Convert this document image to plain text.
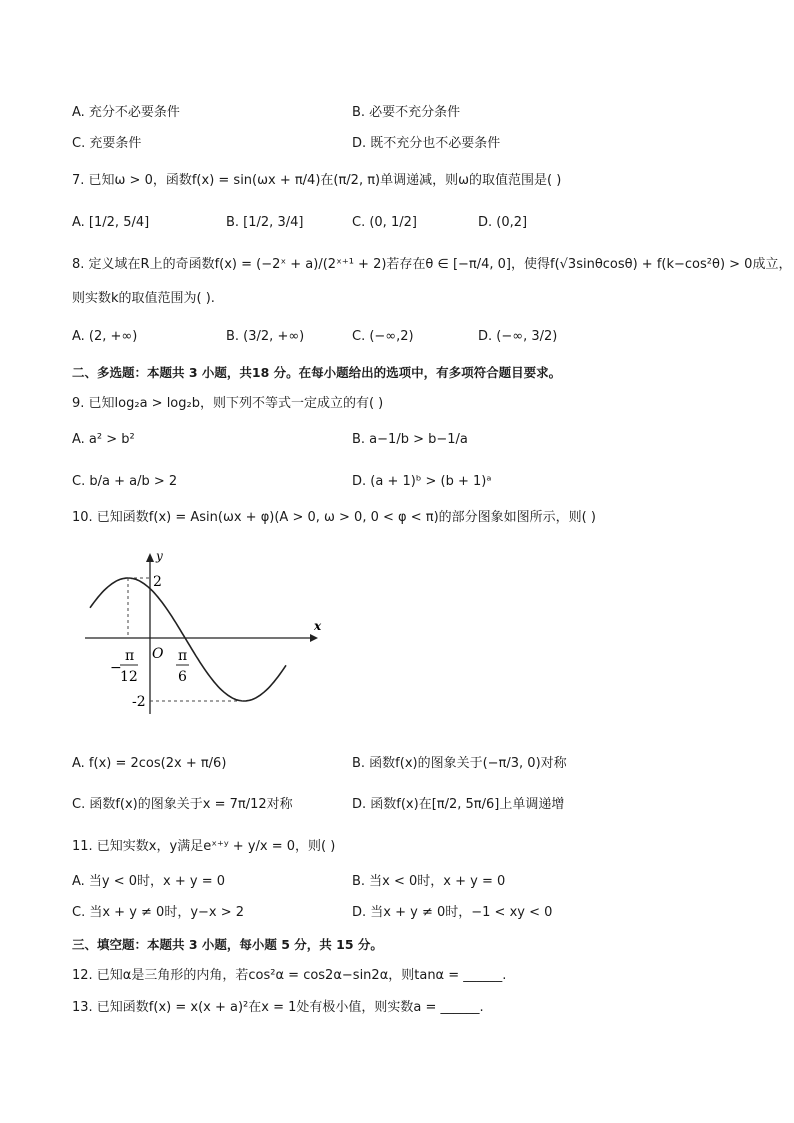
A. 充分不必要条件	B. 必要不充分条件
C. 充要条件	D. 既不充分也不必要条件
7. 已知ω > 0，函数f(x) = sin(ωx + π/4)在(π/2, π)单调递减，则ω的取值范围是( )
A. [1/2, 5/4]	B. [1/2, 3/4]	C. (0, 1/2]	D. (0,2]
8. 定义域在R上的奇函数f(x) = (−2ˣ + a)/(2ˣ⁺¹ + 2)若存在θ ∈ [−π/4, 0]，使得f(√3sinθcosθ) + f(k−cos²θ) > 0成立，
则实数k的取值范围为( ).
A. (2, +∞)	B. (3/2, +∞)	C. (−∞,2)	D. (−∞, 3/2)
二、多选题：本题共 3 小题，共18 分。在每小题给出的选项中，有多项符合题目要求。
9. 已知log₂a > log₂b，则下列不等式一定成立的有( )
A. a² > b²	B. a−1/b > b−1/a
C. b/a + a/b > 2	D. (a + 1)ᵇ > (b + 1)ᵃ
10. 已知函数f(x) = Asin(ωx + φ)(A > 0, ω > 0, 0 < φ < π)的部分图象如图所示，则( )
y
x
2
-2
O
−
π
12
π
6
A. f(x) = 2cos(2x + π/6)	B. 函数f(x)的图象关于(−π/3, 0)对称
C. 函数f(x)的图象关于x = 7π/12对称	D. 函数f(x)在[π/2, 5π/6]上单调递增
11. 已知实数x，y满足eˣ⁺ʸ + y/x = 0，则( )
A. 当y < 0时，x + y = 0	B. 当x < 0时，x + y = 0
C. 当x + y ≠ 0时，y−x > 2	D. 当x + y ≠ 0时，−1 < xy < 0
三、填空题：本题共 3 小题，每小题 5 分，共 15 分。
12. 已知α是三角形的内角，若cos²α = cos2α−sin2α，则tanα = ______.
13. 已知函数f(x) = x(x + a)²在x = 1处有极小值，则实数a = ______.
